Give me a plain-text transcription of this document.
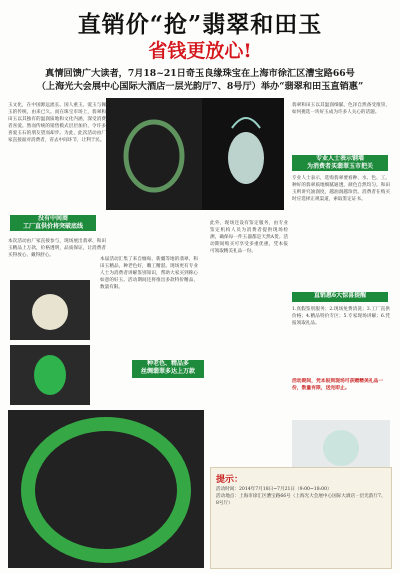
直销价“抢”翡翠和田玉
省钱更放心!
真情回馈广大读者，7月18~21日奇玉良缘珠宝在上海市徐汇区漕宝路66号
（上海光大会展中心国际大酒店一层光韵厅7、8号厅）举办“翡翠和田玉直销惠”
玉文化，在中国源远流长。国人重玉，爱玉与佩玉的传统，由来已久。而在珠宝市场上，翡翠和田玉以其独有的温润质地和文化内涵，深受消费者喜爱。然而传统的销售模式层层加价，令许多喜爱玉石的朋友望而却步。为此，此次活动由厂家直接面对消费者，省去中间环节，让利于民。
没有中间商
工厂直供价将突破底线
本次活动由厂家直接参与，现场展出翡翠、和田玉精品上万款，价格透明，品质保证，让消费者买得放心、戴得舒心。
本届活动汇集了来自缅甸、新疆等地的翡翠、和田玉精品，种老色好，雕工精湛。现场更有专业人士为消费者讲解鉴别知识，帮助大家买到称心如意的好玉。活动期间还将推出多款特价精品，数量有限。
种老色、精品多
丝绸翡翠多达上万款
此外，现场还设有鉴定服务，由专业鉴定机构人员为消费者提供现场检测，确保每一件玉器都是天然A货。活动期间购买可享受多重优惠，凭本报可领取精美礼品一份。
翡翠和田玉以其温润细腻、色泽自然备受推崇，如何挑选一块好玉成为许多人关心的话题。
专业人士表示钢墙
为消费者买翡翠玉市把关
专业人士表示，选购翡翠要看种、水、色、工。种好的翡翠质地细腻通透，颜色自然均匀。和田玉则讲究油润度，越油润越珍贵。消费者在购买时应选择正规渠道，索取鉴定证书。
直销惠6大惊喜提醒
1.真假鉴别服务；2.现场免费清洗；3.工厂直供价格；4.精品特价专区；5.专家现场讲解；6.凭报领取礼品。
活动期间，凭本报到现场可获赠精美礼品一份，数量有限，送完即止。
提示：
活动时间：2014年7月18日~7月21日（9:00~18:00）
活动地点：上海市徐汇区漕宝路66号（上海光大会展中心国际大酒店一层光韵厅7、8号厅）
